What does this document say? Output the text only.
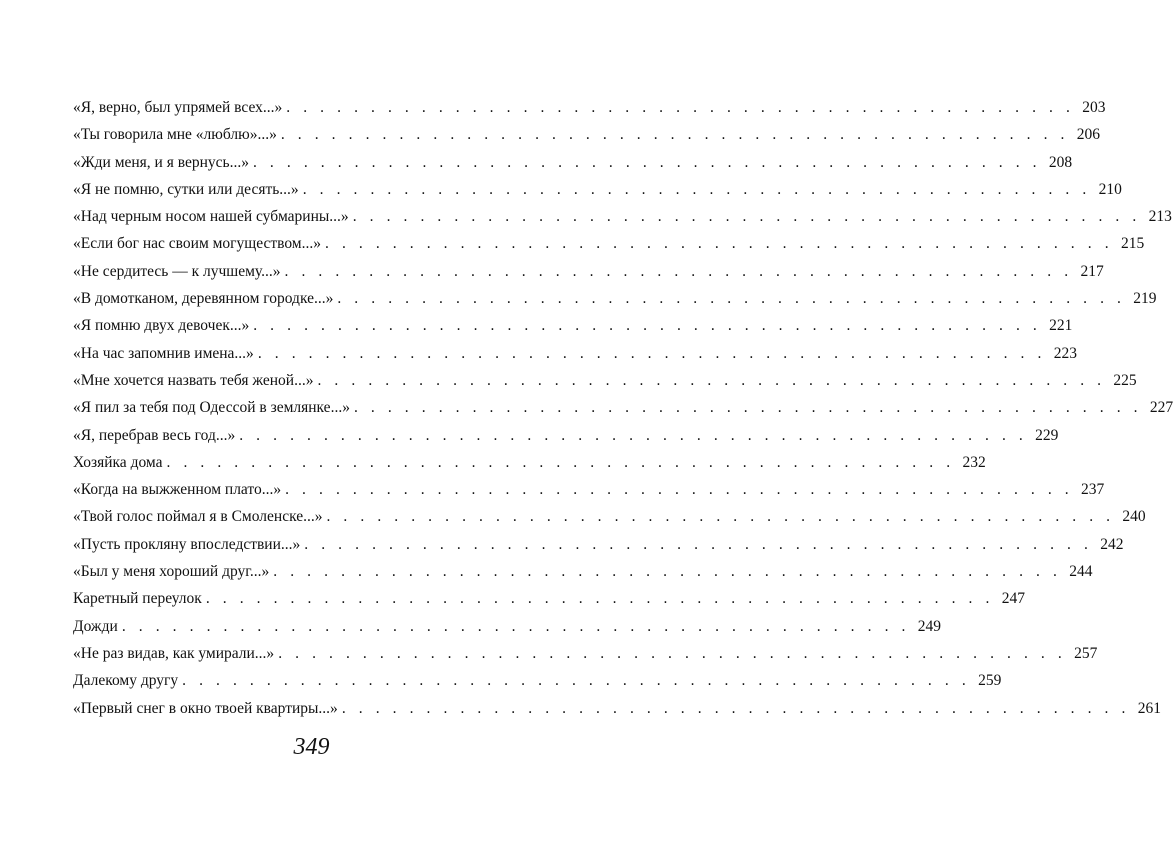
«Я, верно, был упрямей всех...» . . . . . . . . . . . . . . . . . . . . . . . . . . . . . . . . . . . . . . . . . . . . . . . 203
«Ты говорила мне «люблю»...» . . . . . . . . . . . . . . . . . . . . . . . . . . . . . . . . . . . . . . . . . . . . . . . 206
«Жди меня, и я вернусь...» . . . . . . . . . . . . . . . . . . . . . . . . . . . . . . . . . . . . . . . . . . . . . . . 208
«Я не помню, сутки или десять...» . . . . . . . . . . . . . . . . . . . . . . . . . . . . . . . . . . . . . . . . . . . . . . . 210
«Над черным носом нашей субмарины...» . . . . . . . . . . . . . . . . . . . . . . . . . . . . . . . . . . . . . . . . . . . . . . . 213
«Если бог нас своим могуществом...» . . . . . . . . . . . . . . . . . . . . . . . . . . . . . . . . . . . . . . . . . . . . . . . 215
«Не сердитесь — к лучшему...» . . . . . . . . . . . . . . . . . . . . . . . . . . . . . . . . . . . . . . . . . . . . . . . 217
«В домотканом, деревянном городке...» . . . . . . . . . . . . . . . . . . . . . . . . . . . . . . . . . . . . . . . . . . . . . . . 219
«Я помню двух девочек...» . . . . . . . . . . . . . . . . . . . . . . . . . . . . . . . . . . . . . . . . . . . . . . . 221
«На час запомнив имена...» . . . . . . . . . . . . . . . . . . . . . . . . . . . . . . . . . . . . . . . . . . . . . . . 223
«Мне хочется назвать тебя женой...» . . . . . . . . . . . . . . . . . . . . . . . . . . . . . . . . . . . . . . . . . . . . . . . 225
«Я пил за тебя под Одессой в землянке...» . . . . . . . . . . . . . . . . . . . . . . . . . . . . . . . . . . . . . . . . . . . . . . . 227
«Я, перебрав весь год...» . . . . . . . . . . . . . . . . . . . . . . . . . . . . . . . . . . . . . . . . . . . . . . . 229
Хозяйка дома . . . . . . . . . . . . . . . . . . . . . . . . . . . . . . . . . . . . . . . . . . . . . . . 232
«Когда на выжженном плато...» . . . . . . . . . . . . . . . . . . . . . . . . . . . . . . . . . . . . . . . . . . . . . . . 237
«Твой голос поймал я в Смоленске...» . . . . . . . . . . . . . . . . . . . . . . . . . . . . . . . . . . . . . . . . . . . . . . . 240
«Пусть прокляну впоследствии...» . . . . . . . . . . . . . . . . . . . . . . . . . . . . . . . . . . . . . . . . . . . . . . . 242
«Был у меня хороший друг...» . . . . . . . . . . . . . . . . . . . . . . . . . . . . . . . . . . . . . . . . . . . . . . . 244
Каретный переулок . . . . . . . . . . . . . . . . . . . . . . . . . . . . . . . . . . . . . . . . . . . . . . . 247
Дожди . . . . . . . . . . . . . . . . . . . . . . . . . . . . . . . . . . . . . . . . . . . . . . . 249
«Не раз видав, как умирали...» . . . . . . . . . . . . . . . . . . . . . . . . . . . . . . . . . . . . . . . . . . . . . . . 257
Далекому другу . . . . . . . . . . . . . . . . . . . . . . . . . . . . . . . . . . . . . . . . . . . . . . . 259
«Первый снег в окно твоей квартиры...» . . . . . . . . . . . . . . . . . . . . . . . . . . . . . . . . . . . . . . . . . . . . . . . 261
349
